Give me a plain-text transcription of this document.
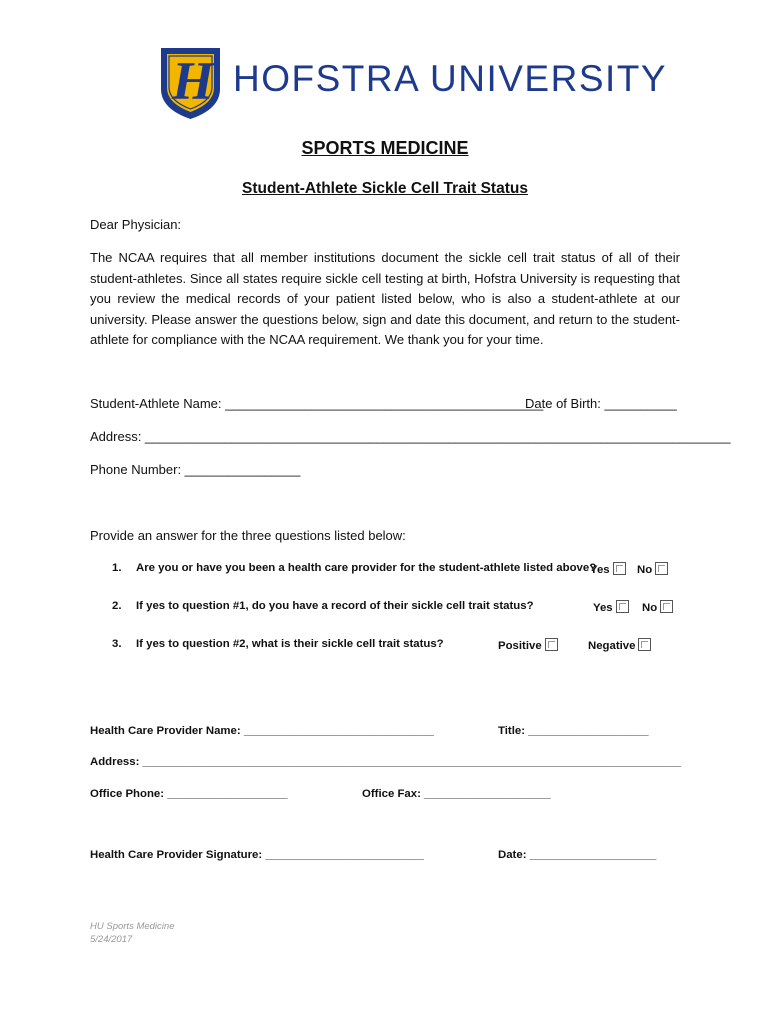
H HOFSTRA UNIVERSITY
SPORTS MEDICINE
Student-Athlete Sickle Cell Trait Status
Dear Physician:
The NCAA requires that all member institutions document the sickle cell trait status of all of their student-athletes. Since all states require sickle cell testing at birth, Hofstra University is requesting that you review the medical records of your patient listed below, who is also a student-athlete at our university. Please answer the questions below, sign and date this document, and return to the student-athlete for compliance with the NCAA requirement. We thank you for your time.
Student-Athlete Name: ____________________________________________
Date of Birth: __________
Address: _________________________________________________________________________________
Phone Number: ________________
Provide an answer for the three questions listed below:
1. Are you or have you been a health care provider for the student-athlete listed above?
Yes	No
2. If yes to question #1, do you have a record of their sickle cell trait status?	Yes	No
3. If yes to question #2, what is their sickle cell trait status?	Positive	Negative
Health Care Provider Name: ______________________________	Title: ___________________
Address: _____________________________________________________________________________________
Office Phone: ___________________	Office Fax: ____________________
Health Care Provider Signature: _________________________	Date: ____________________
HU Sports Medicine
5/24/2017
